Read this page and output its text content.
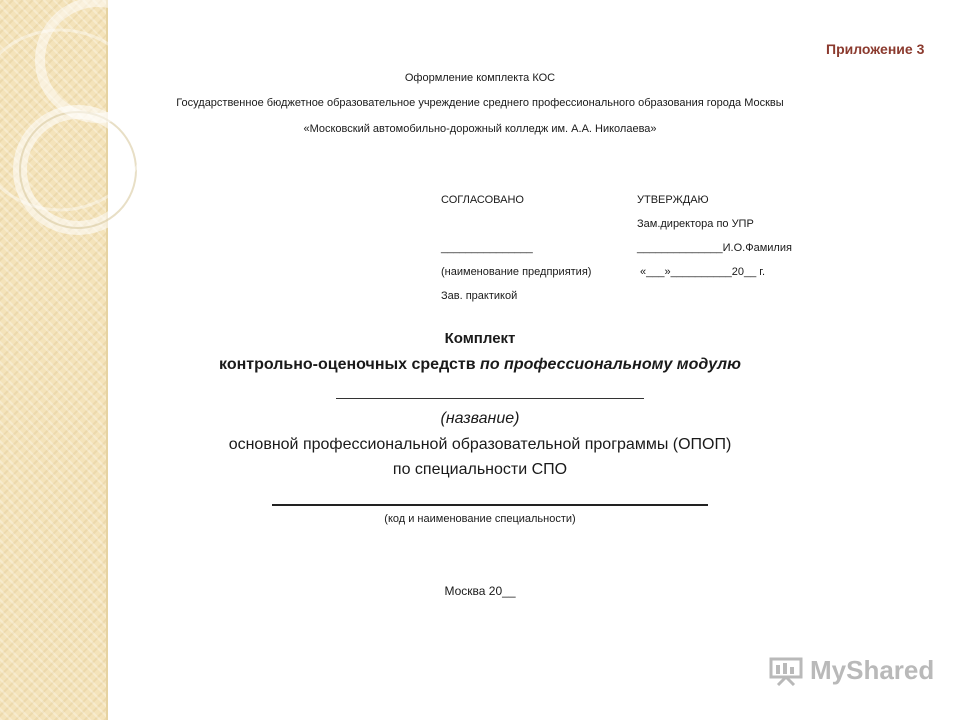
Приложение 3
Оформление комплекта КОС
Государственное бюджетное образовательное учреждение среднего профессионального образования города Москвы
«Московский автомобильно-дорожный колледж им. А.А. Николаева»
СОГЛАСОВАНО
_______________
(наименование предприятия)
Зав. практикой
УТВЕРЖДАЮ
Зам.директора по УПР
______________И.О.Фамилия
«___»__________20__ г.
Комплект
контрольно-оценочных средств по профессиональному модулю
(название)
основной профессиональной образовательной программы (ОПОП)
по специальности СПО
(код и наименование специальности)
Москва 20__
MyShared
